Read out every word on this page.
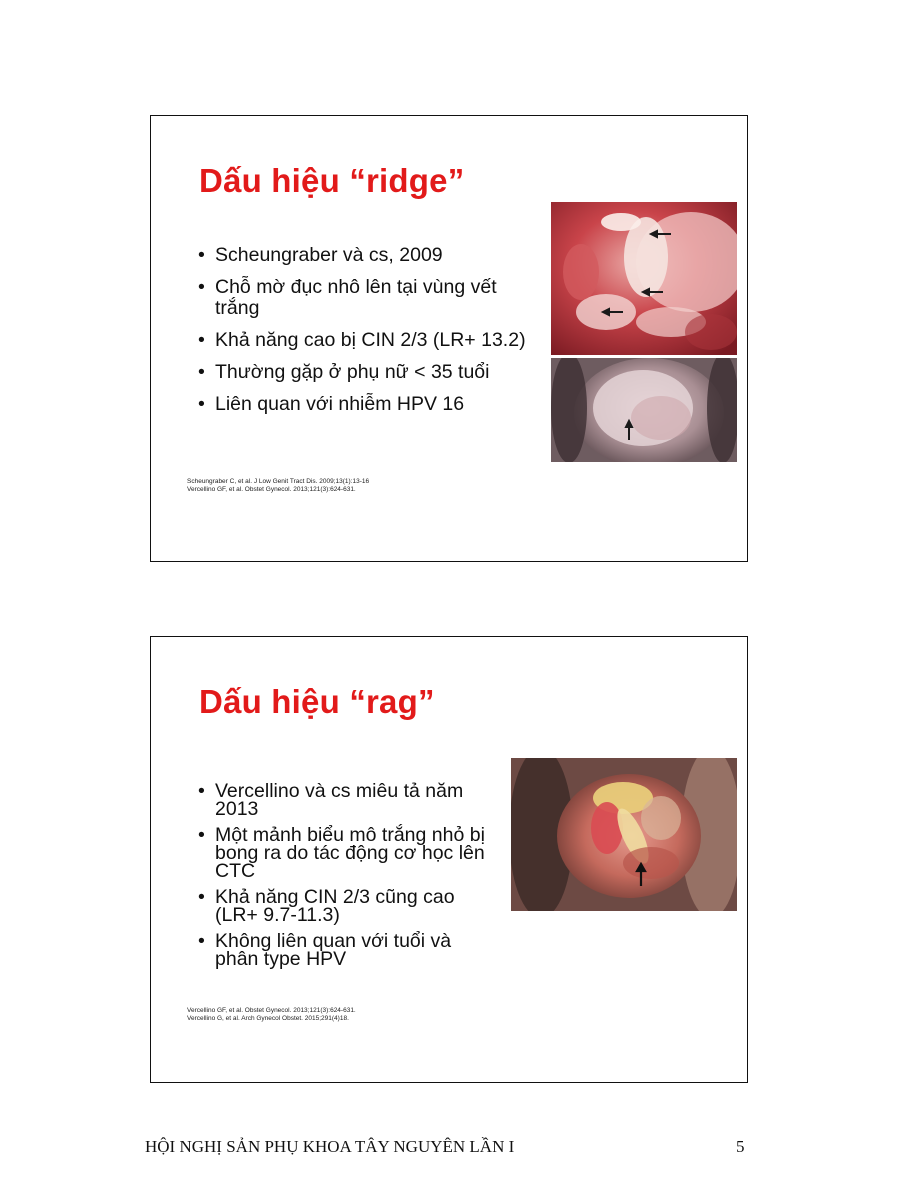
Dấu hiệu “ridge”
• Scheungraber và cs, 2009
• Chỗ mờ đục nhô lên tại vùng vết trắng
• Khả năng cao bị CIN 2/3 (LR+ 13.2)
• Thường gặp ở phụ nữ < 35 tuổi
• Liên quan với nhiễm HPV 16
Scheungraber C, et al. J Low Genit Tract Dis. 2009;13(1):13-16
Vercellino GF, et al. Obstet Gynecol. 2013;121(3):624-631.
Dấu hiệu “rag”
• Vercellino và cs miêu tả năm 2013
• Một mảnh biểu mô trắng nhỏ bị bong ra do tác động cơ học lên CTC
• Khả năng CIN 2/3 cũng cao (LR+ 9.7-11.3)
• Không liên quan với tuổi và phân type HPV
Vercellino GF, et al. Obstet Gynecol. 2013;121(3):624-631.
Vercellino G, et al. Arch Gynecol Obstet. 2015;291(4)18.
HỘI NGHỊ SẢN PHỤ KHOA TÂY NGUYÊN LẦN I	5
